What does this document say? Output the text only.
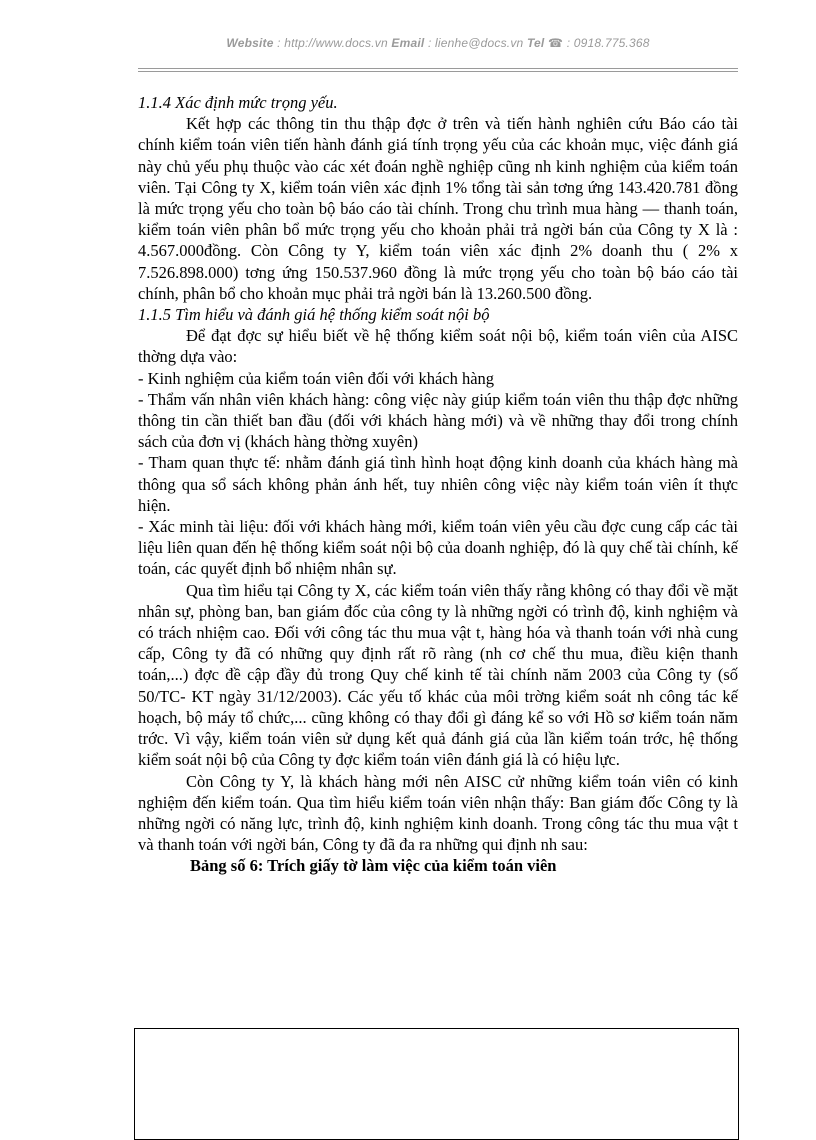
Website : http://www.docs.vn Email : lienhe@docs.vn Tel ☎ : 0918.775.368

1.1.4 Xác định mức trọng yếu.

Kết hợp các thông tin thu thập đợc ở trên và tiến hành nghiên cứu Báo cáo tài chính kiểm toán viên tiến hành đánh giá tính trọng yếu của các khoản mục, việc đánh giá này chủ yếu phụ thuộc vào các xét đoán nghề nghiệp cũng nh kinh nghiệm của kiểm toán viên. Tại Công ty X, kiểm toán viên xác định 1% tổng tài sản tơng ứng 143.420.781 đồng là mức trọng yếu cho toàn bộ báo cáo tài chính. Trong chu trình mua hàng — thanh toán, kiểm toán viên phân bổ mức trọng yếu cho khoản phải trả ngời bán của Công ty X là : 4.567.000đồng. Còn Công ty Y, kiểm toán viên xác định 2% doanh thu ( 2% x 7.526.898.000) tơng ứng 150.537.960 đồng là mức trọng yếu cho toàn bộ báo cáo tài chính, phân bổ cho khoản mục phải trả ngời bán là 13.260.500 đồng.

1.1.5 Tìm hiểu và đánh giá hệ thống kiểm soát nội bộ

Để đạt đợc sự hiểu biết về hệ thống kiểm soát nội bộ, kiểm toán viên của AISC thờng dựa vào:

- Kinh nghiệm của kiểm toán viên đối với khách hàng

- Thẩm vấn nhân viên khách hàng: công việc này giúp kiểm toán viên thu thập đợc những thông tin cần thiết ban đầu (đối với khách hàng mới) và về những thay đổi trong chính sách của đơn vị (khách hàng thờng xuyên)

- Tham quan thực tế: nhằm đánh giá tình hình hoạt động kinh doanh của khách hàng mà thông qua sổ sách không phản ánh hết, tuy nhiên công việc này kiểm toán viên ít thực hiện.

- Xác minh tài liệu: đối với khách hàng mới, kiểm toán viên yêu cầu đợc cung cấp các tài liệu liên quan đến hệ thống kiểm soát nội bộ của doanh nghiệp, đó là quy chế tài chính, kế toán, các quyết định bổ nhiệm nhân sự.

Qua tìm hiểu tại Công ty X, các kiểm toán viên thấy rằng không có thay đổi về mặt nhân sự, phòng ban, ban giám đốc của công ty là những ngời có trình độ, kinh nghiệm và có trách nhiệm cao. Đối với công tác thu mua vật t, hàng hóa và thanh toán với nhà cung cấp, Công ty đã có những quy định rất rõ ràng (nh cơ chế thu mua, điều kiện thanh toán,...) đợc đề cập đầy đủ trong Quy chế kinh tế tài chính năm 2003 của Công ty (số 50/TC- KT ngày 31/12/2003). Các yếu tố khác của môi trờng kiểm soát nh công tác kế hoạch, bộ máy tổ chức,... cũng không có thay đổi gì đáng kể so với Hồ sơ kiểm toán năm trớc. Vì vậy, kiểm toán viên sử dụng kết quả đánh giá của lần kiểm toán trớc, hệ thống kiểm soát nội bộ của Công ty đợc kiểm toán viên đánh giá là có hiệu lực.

Còn Công ty Y, là khách hàng mới nên AISC cử những kiểm toán viên có kinh nghiệm đến kiểm toán. Qua tìm hiểu kiểm toán viên nhận thấy: Ban giám đốc Công ty là những ngời có năng lực, trình độ, kinh nghiệm kinh doanh. Trong công tác thu mua vật t và thanh toán với ngời bán, Công ty đã đa ra những qui định nh sau:

Bảng số 6: Trích giấy tờ làm việc của kiểm toán viên
